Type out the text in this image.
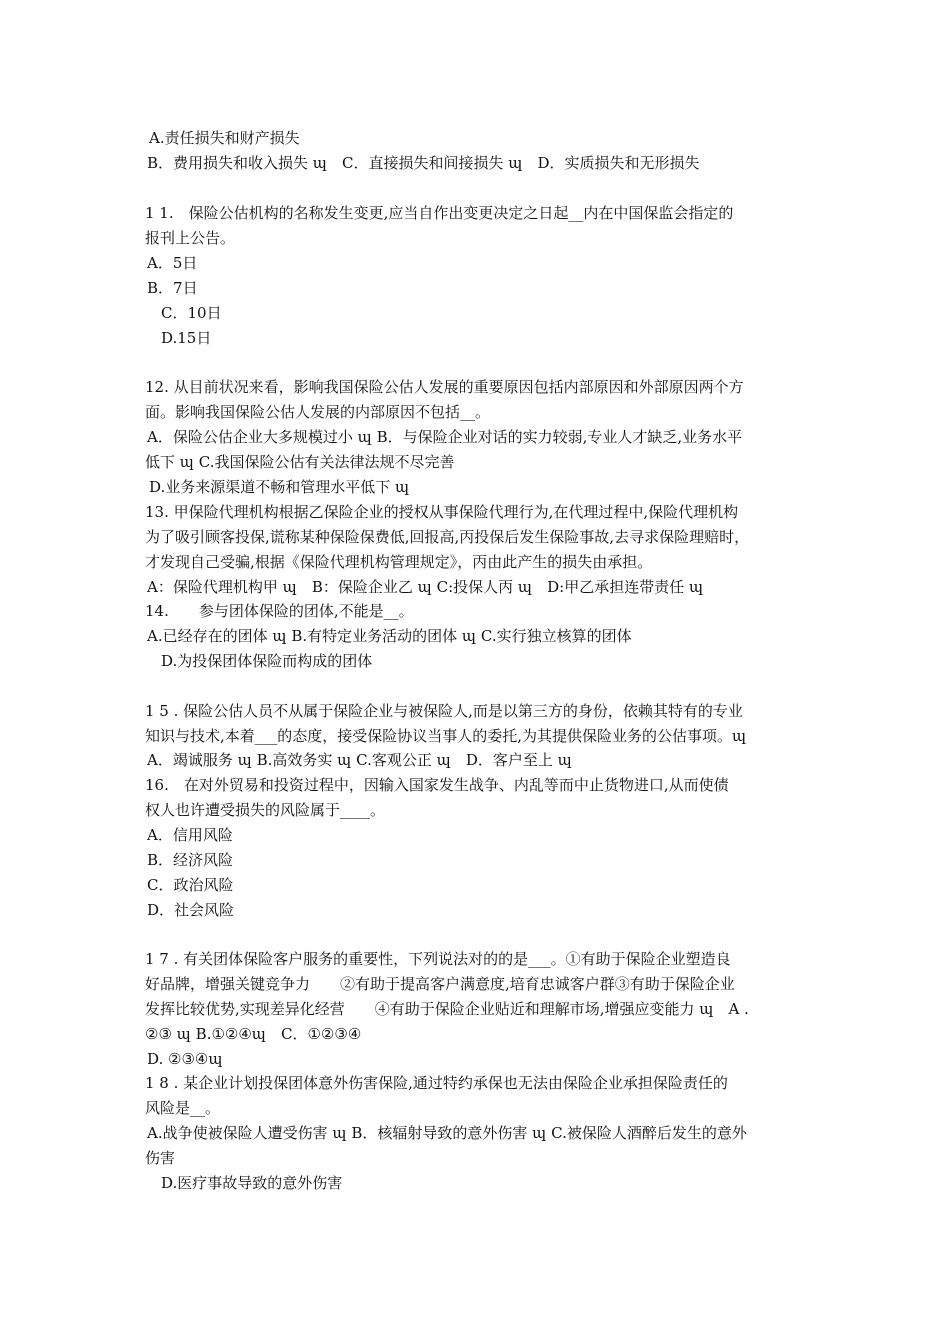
A.责任损失和财产损失
B．费用损失和收入损失 ɰ　C．直接损失和间接损失 ɰ　D．实质损失和无形损失
1 1.　保险公估机构的名称发生变更,应当自作出变更决定之日起__内在中国保监会指定的
报刊上公告。
A．5日
B．7日
C．10日
D.15日
12. 从目前状况来看，影响我国保险公估人发展的重要原因包括内部原因和外部原因两个方
面。影响我国保险公估人发展的内部原因不包括__。
A．保险公估企业大多规模过小 ɰ B．与保险企业对话的实力较弱,专业人才缺乏,业务水平
低下 ɰ C.我国保险公估有关法律法规不尽完善
D.业务来源渠道不畅和管理水平低下 ɰ
13. 甲保险代理机构根据乙保险企业的授权从事保险代理行为,在代理过程中,保险代理机构
为了吸引顾客投保,谎称某种保险保费低,回报高,丙投保后发生保险事故,去寻求保险理赔时，
才发现自己受骗,根据《保险代理机构管理规定》，丙由此产生的损失由承担。
A：保险代理机构甲 ɰ　B：保险企业乙 ɰ C:投保人丙 ɰ　D:甲乙承担连带责任 ɰ
14.　　参与团体保险的团体,不能是__。
A.已经存在的团体 ɰ B.有特定业务活动的团体 ɰ C.实行独立核算的团体
D.为投保团体保险而构成的团体
1 5 . 保险公估人员不从属于保险企业与被保险人,而是以第三方的身份，依赖其特有的专业
知识与技术,本着___的态度，接受保险协议当事人的委托,为其提供保险业务的公估事项。ɰ
A．竭诚服务 ɰ B.高效务实 ɰ C.客观公正 ɰ　D．客户至上 ɰ
16.　在对外贸易和投资过程中，因输入国家发生战争、内乱等而中止货物进口,从而使债
权人也许遭受损失的风险属于____。
A．信用风险
B．经济风险
C．政治风险
D．社会风险
1 7 . 有关团体保险客户服务的重要性，下列说法对的的是___。①有助于保险企业塑造良
好品牌，增强关键竞争力　　②有助于提高客户满意度,培育忠诚客户群③有助于保险企业
发挥比较优势,实现差异化经营　　④有助于保险企业贴近和理解市场,增强应变能力 ɰ　A .
②③ ɰ B.①②④ɰ　C．①②③④
D. ②③④ɰ
1 8 . 某企业计划投保团体意外伤害保险,通过特约承保也无法由保险企业承担保险责任的
风险是__。
A.战争使被保险人遭受伤害 ɰ B．核辐射导致的意外伤害 ɰ C.被保险人酒醉后发生的意外
伤害
D.医疗事故导致的意外伤害
